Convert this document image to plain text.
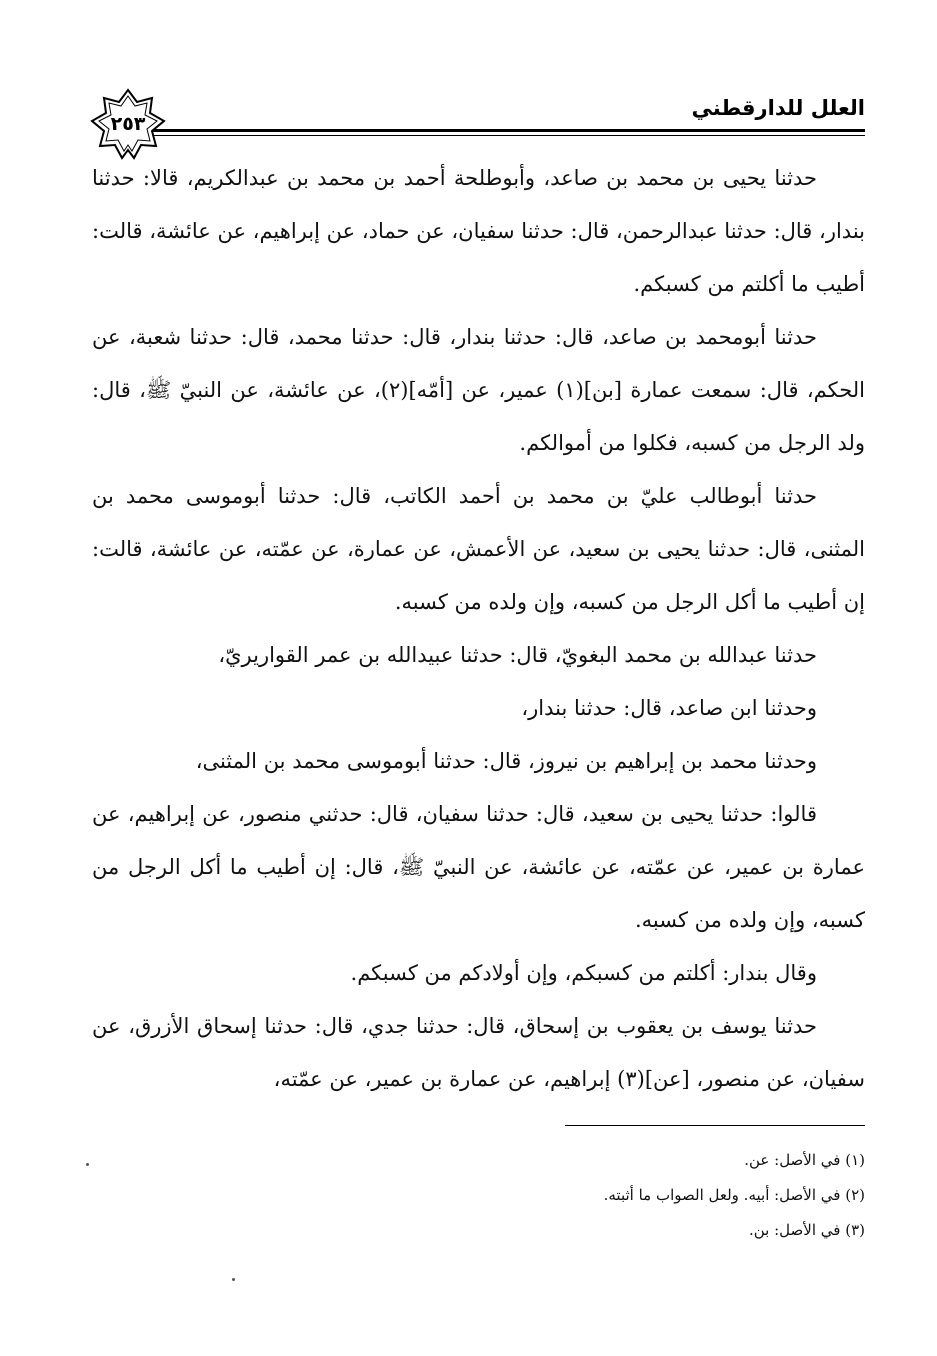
العلل للدارقطني
٢٥٣

حدثنا يحيى بن محمد بن صاعد، وأبوطلحة أحمد بن محمد بن عبدالكريم، قالا: حدثنا بندار، قال: حدثنا عبدالرحمن، قال: حدثنا سفيان، عن حماد، عن إبراهيم، عن عائشة، قالت: أطيب ما أكلتم من كسبكم.

حدثنا أبومحمد بن صاعد، قال: حدثنا بندار، قال: حدثنا محمد، قال: حدثنا شعبة، عن الحكم، قال: سمعت عمارة [بن](١) عمير، عن [أمّه](٢)، عن عائشة، عن النبيّ ﷺ، قال: ولد الرجل من كسبه، فكلوا من أموالكم.

حدثنا أبوطالب عليّ بن محمد بن أحمد الكاتب، قال: حدثنا أبوموسى محمد بن المثنى، قال: حدثنا يحيى بن سعيد، عن الأعمش، عن عمارة، عن عمّته، عن عائشة، قالت: إن أطيب ما أكل الرجل من كسبه، وإن ولده من كسبه.

حدثنا عبدالله بن محمد البغويّ، قال: حدثنا عبيدالله بن عمر القواريريّ،

وحدثنا ابن صاعد، قال: حدثنا بندار،

وحدثنا محمد بن إبراهيم بن نيروز، قال: حدثنا أبوموسى محمد بن المثنى،

قالوا: حدثنا يحيى بن سعيد، قال: حدثنا سفيان، قال: حدثني منصور، عن إبراهيم، عن عمارة بن عمير، عن عمّته، عن عائشة، عن النبيّ ﷺ، قال: إن أطيب ما أكل الرجل من كسبه، وإن ولده من كسبه.

وقال بندار: أكلتم من كسبكم، وإن أولادكم من كسبكم.

حدثنا يوسف بن يعقوب بن إسحاق، قال: حدثنا جدي، قال: حدثنا إسحاق الأزرق، عن سفيان، عن منصور، [عن](٣) إبراهيم، عن عمارة بن عمير، عن عمّته،

(١) في الأصل: عن.

(٢) في الأصل: أبيه. ولعل الصواب ما أثبته.

(٣) في الأصل: بن.
